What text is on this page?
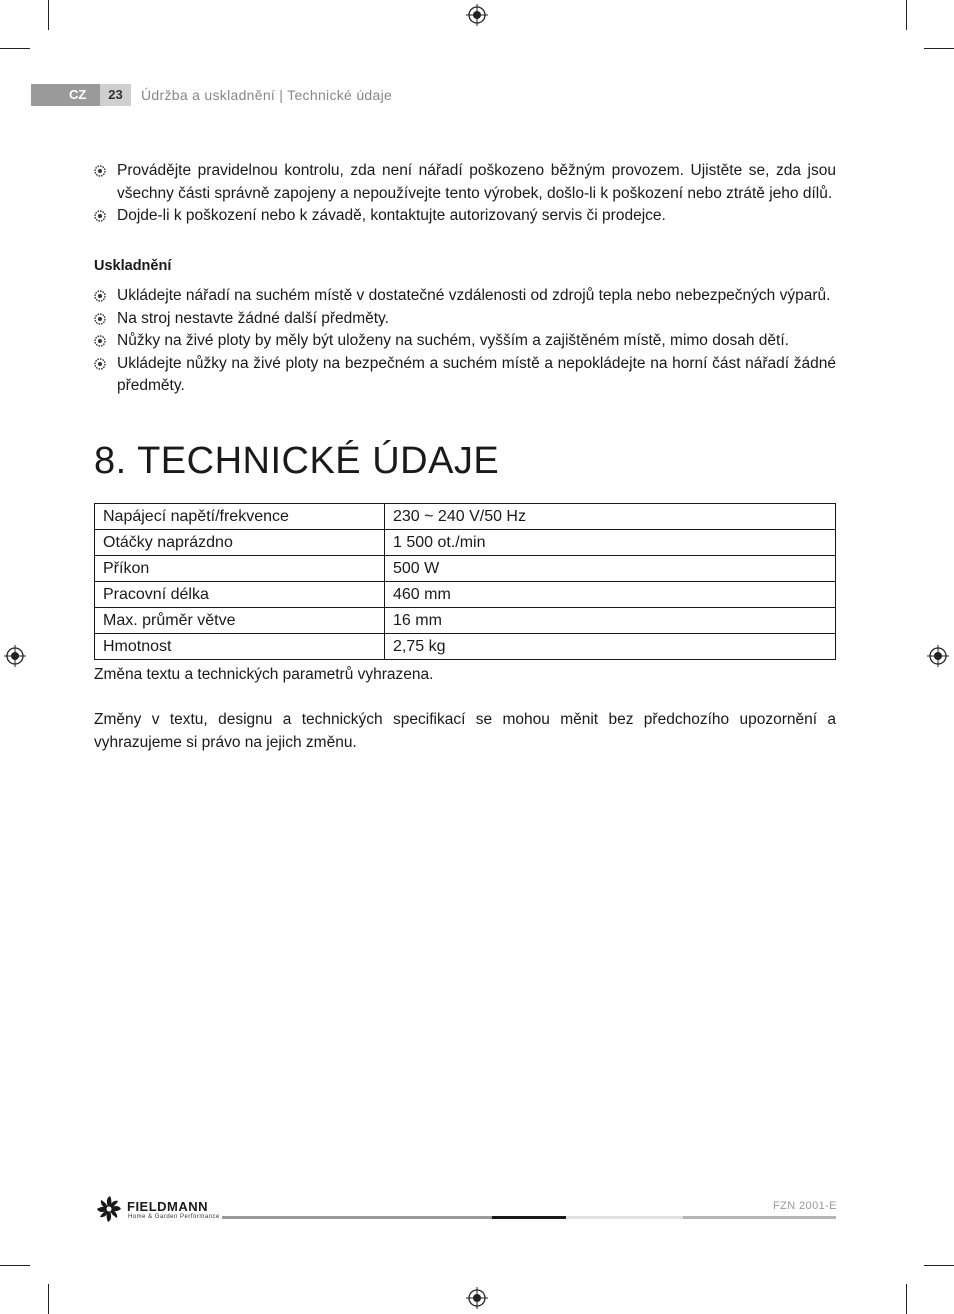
CZ	23	Údržba a uskladnění | Technické údaje
Provádějte pravidelnou kontrolu, zda není nářadí poškozeno běžným provozem. Ujistěte se, zda jsou všechny části správně zapojeny a nepoužívejte tento výrobek, došlo-li k poškození nebo ztrátě jeho dílů.
Dojde-li k poškození nebo k závadě, kontaktujte autorizovaný servis či prodejce.
Uskladnění
Ukládejte nářadí na suchém místě v dostatečné vzdálenosti od zdrojů tepla nebo nebezpečných výparů.
Na stroj nestavte žádné další předměty.
Nůžky na živé ploty by měly být uloženy na suchém, vyšším a zajištěném místě, mimo dosah dětí.
Ukládejte nůžky na živé ploty na bezpečném a suchém místě a nepokládejte na horní část nářadí žádné předměty.
8. TECHNICKÉ ÚDAJE
Napájecí napětí/frekvence	230 ~ 240 V/50 Hz
Otáčky naprázdno	1 500 ot./min
Příkon	500 W
Pracovní délka	460 mm
Max. průměr větve	16 mm
Hmotnost	2,75 kg

Změna textu a technických parametrů vyhrazena.

Změny v textu, designu a technických specifikací se mohou měnit bez předchozího upozornění a vyhrazujeme si právo na jejich změnu.

FIELDMANN
Home & Garden Performance
FZN 2001-E
